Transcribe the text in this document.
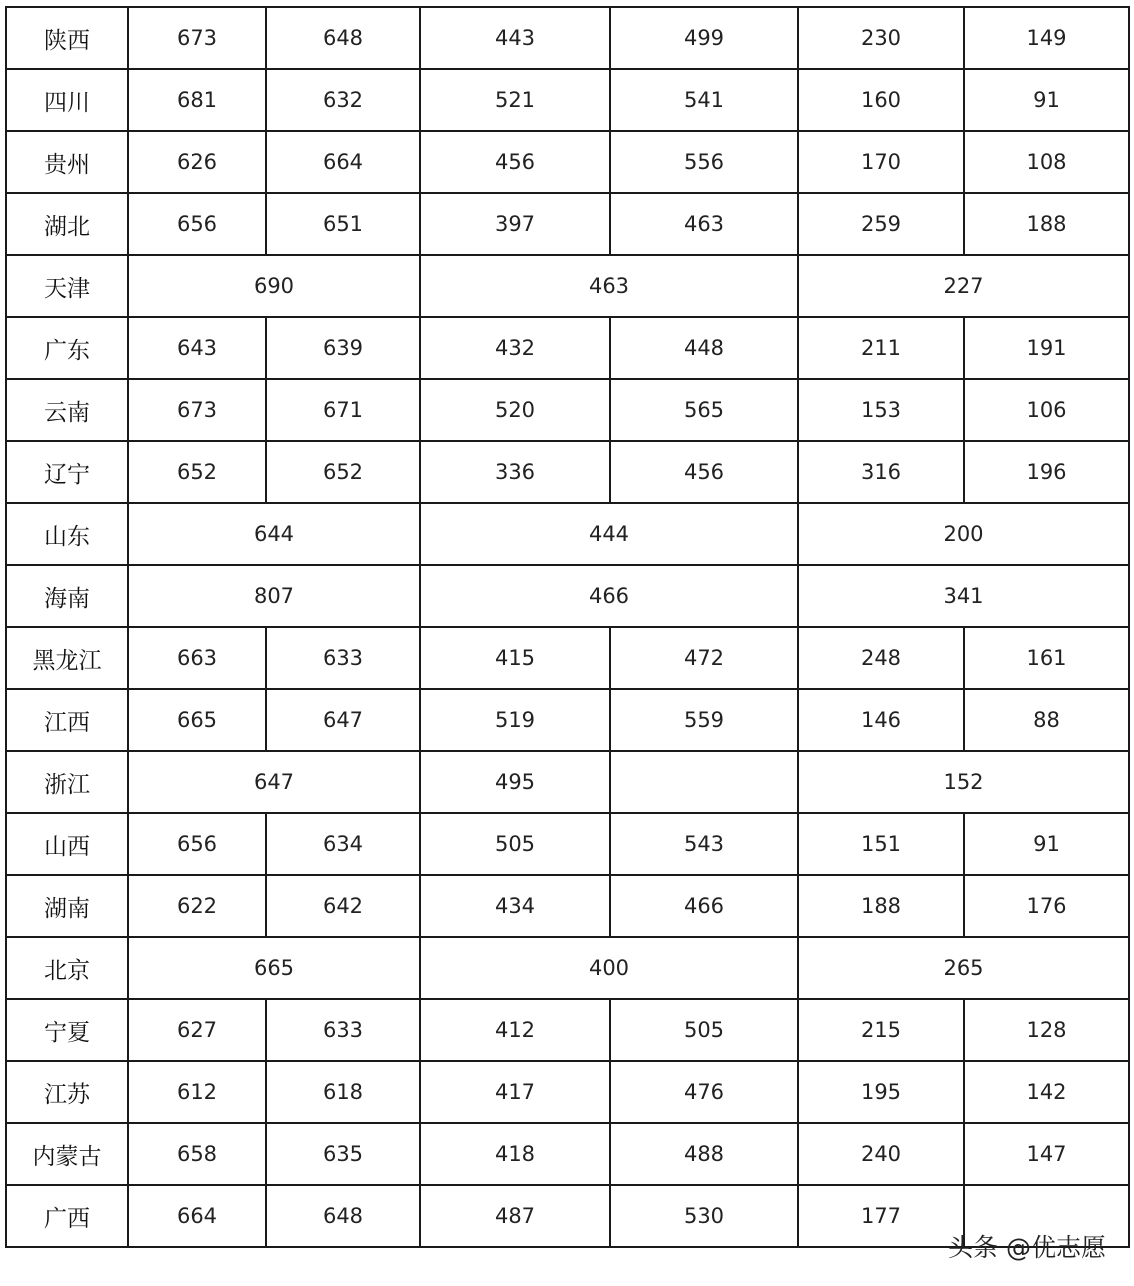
陕西	673	648	443	499	230	149
四川	681	632	521	541	160	91
贵州	626	664	456	556	170	108
湖北	656	651	397	463	259	188
天津	690		463		227	
广东	643	639	432	448	211	191
云南	673	671	520	565	153	106
辽宁	652	652	336	456	316	196
山东	644		444		200	
海南	807		466		341	
黑龙江	663	633	415	472	248	161
江西	665	647	519	559	146	88
浙江	647		495		152	
山西	656	634	505	543	151	91
湖南	622	642	434	466	188	176
北京	665		400		265	
宁夏	627	633	412	505	215	128
江苏	612	618	417	476	195	142
内蒙古	658	635	418	488	240	147
广西	664	648	487	530	177	
头条 @优志愿
